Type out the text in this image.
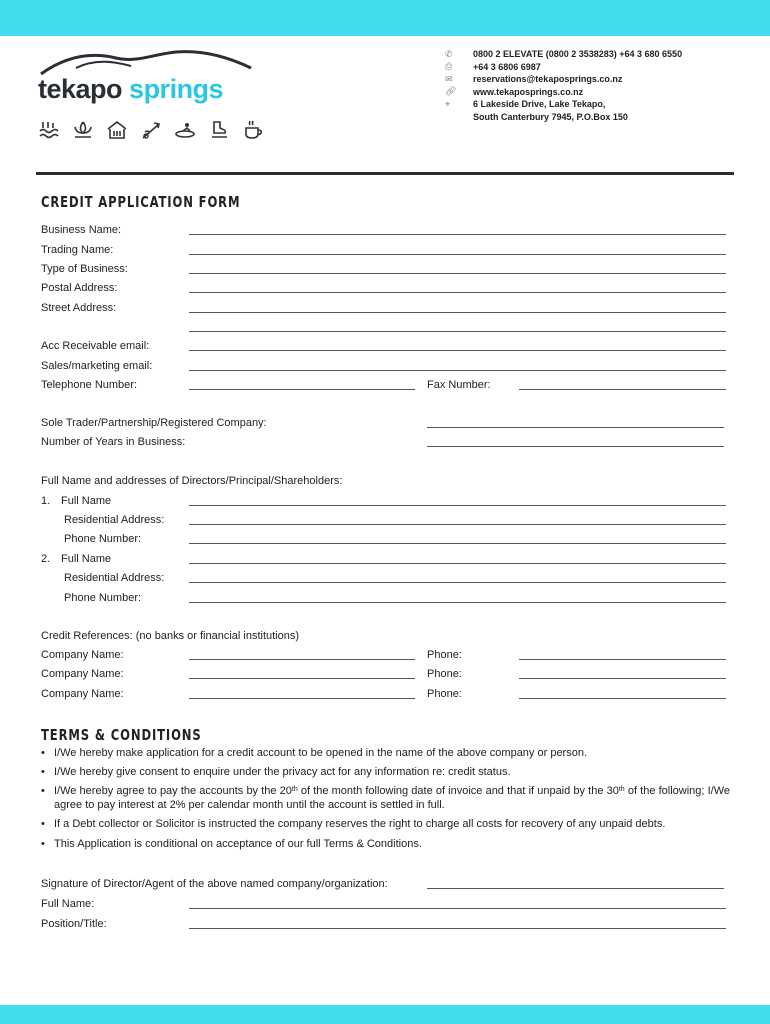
tekapo springs
✆	0800 2 ELEVATE (0800 2 3538283) +64 3 680 6550
⎙	+64 3 6806 6987
✉	reservations@tekaposprings.co.nz
🔗︎	www.tekaposprings.co.nz
⌖	6 Lakeside Drive, Lake Tekapo,
South Canterbury 7945, P.O.Box 150
CREDIT APPLICATION FORM
Business Name:
Trading Name:
Type of Business:
Postal Address:
Street Address:
Acc Receivable email:
Sales/marketing email:
Telephone Number:	Fax Number:
Sole Trader/Partnership/Registered Company:
Number of Years in Business:
Full Name and addresses of Directors/Principal/Shareholders:
1. Full Name
Residential Address:
Phone Number:
2. Full Name
Residential Address:
Phone Number:
Credit References: (no banks or financial institutions)
Company Name:	Phone:
Company Name:	Phone:
Company Name:	Phone:
TERMS & CONDITIONS
• I/We hereby make application for a credit account to be opened in the name of the above company or person.
• I/We hereby give consent to enquire under the privacy act for any information re: credit status.
• I/We hereby agree to pay the accounts by the 20th of the month following date of invoice and that if unpaid by the 30th of the following; I/We agree to pay interest at 2% per calendar month until the account is settled in full.
• If a Debt collector or Solicitor is instructed the company reserves the right to charge all costs for recovery of any unpaid debts.
• This Application is conditional on acceptance of our full Terms & Conditions.
Signature of Director/Agent of the above named company/organization:
Full Name:
Position/Title:
